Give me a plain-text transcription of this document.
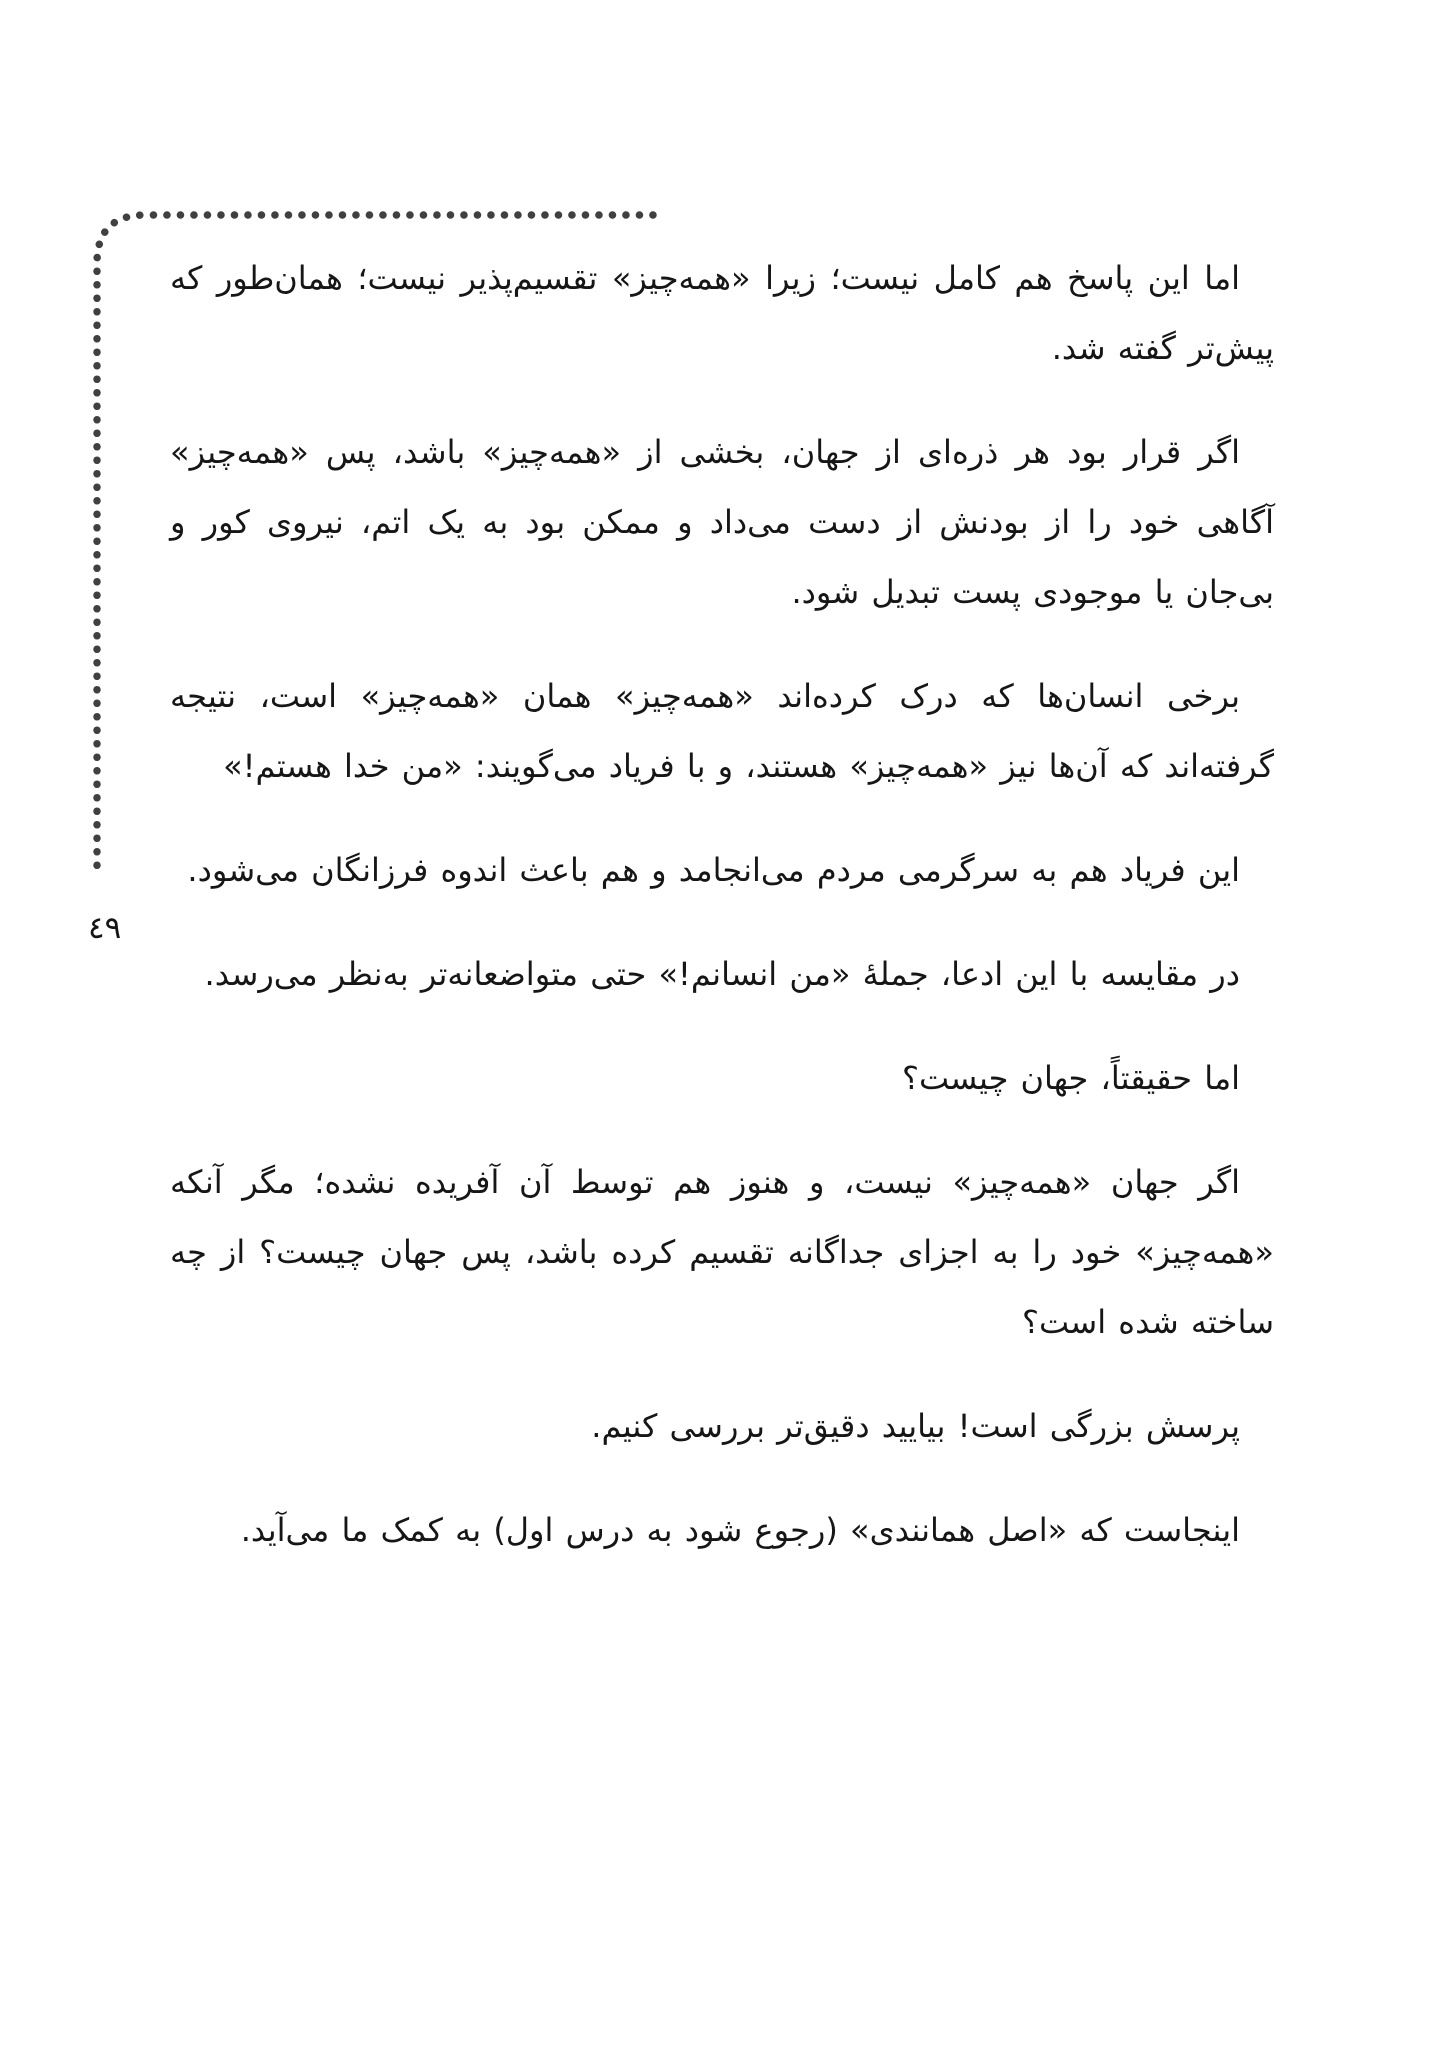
٤٩

اما این پاسخ هم کامل نیست؛ زیرا «همه‌چیز» تقسیم‌پذیر نیست؛ همان‌طور که پیش‌تر گفته شد.

اگر قرار بود هر ذره‌ای از جهان، بخشی از «همه‌چیز» باشد، پس «همه‌چیز» آگاهی خود را از بودنش از دست می‌داد و ممکن بود به یک اتم، نیروی کور و بی‌جان یا موجودی پست تبدیل شود.

برخی انسان‌ها که درک کرده‌اند «همه‌چیز» همان «همه‌چیز» است، نتیجه گرفته‌اند که آن‌ها نیز «همه‌چیز» هستند، و با فریاد می‌گویند: «من خدا هستم!»

این فریاد هم به سرگرمی مردم می‌انجامد و هم باعث اندوه فرزانگان می‌شود.

در مقایسه با این ادعا، جملهٔ «من انسانم!» حتی متواضعانه‌تر به‌نظر می‌رسد.

اما حقیقتاً، جهان چیست؟

اگر جهان «همه‌چیز» نیست، و هنوز هم توسط آن آفریده نشده؛ مگر آنکه «همه‌چیز» خود را به اجزای جداگانه تقسیم کرده باشد، پس جهان چیست؟ از چه ساخته شده است؟

پرسش بزرگی است! بیایید دقیق‌تر بررسی کنیم.

اینجاست که «اصل همانندی» (رجوع شود به درس اول) به کمک ما می‌آید.
